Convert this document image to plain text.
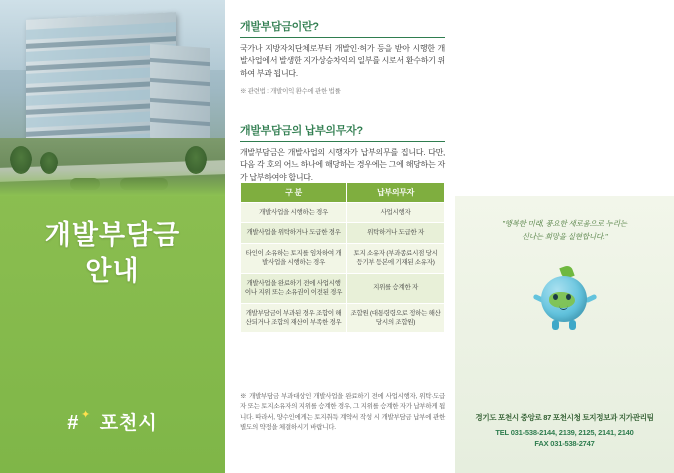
개발부담금
안내
# ✦ 포천시
개발부담금이란?

국가나 지방자치단체로부터 개발인·허가 등을 받아 시행한 개발사업에서 발생한 지가상승차익의 일부를 시로서 환수하기 위하여 부과 됩니다.

※ 관련법 : 개발이익 환수에 관한 법률
개발부담금의 납부의무자?

개발부담금은 개발사업의 시행자가 납부의무를 집니다. 다만, 다음 각 호의 어느 하나에 해당하는 경우에는 그에 해당하는 자가 납부하여야 합니다.

구 분	납부의무자
개발사업을 시행하는 경우	사업시행자
개발사업을 위탁하거나 도급한 경우	위탁하거나 도급한 자
타인이 소유하는 토지를 임차하여 개발사업을 시행하는 경우	토지 소유자 (부과종료시점 당시 등기부 등본에 기재된 소유자)
개발사업을 완료하기 전에 사업시행이나 지위 또는 소유권이 이전된 경우	지위를 승계한 자
개발부담금이 부과된 경우 조합이 해산되거나 조합의 재산이 부족한 경우	조합원 (대통령령으로 정하는 해산 당시의 조합원)
※ 개발부담금 부과대상인 개발사업을 완료하기 전에 사업시행자, 위탁·도급자 또는 토지소유자의 지위를 승계한 경우, 그 지위를 승계한 자가 납부하게 됩니다. 따라서, 양수인에게는 토지취득 계약서 작성 시 개발부담금 납부에 관한 별도의 약정을 체결하시기 바랍니다.
"행복한 미래, 풍요한 새로움으로 누리는
신나는 희망을 실현합니다."
경기도 포천시 중앙로 87 포천시청 토지정보과 지가관리팀
TEL 031-538-2144, 2139, 2125, 2141, 2140
FAX 031-538-2747
